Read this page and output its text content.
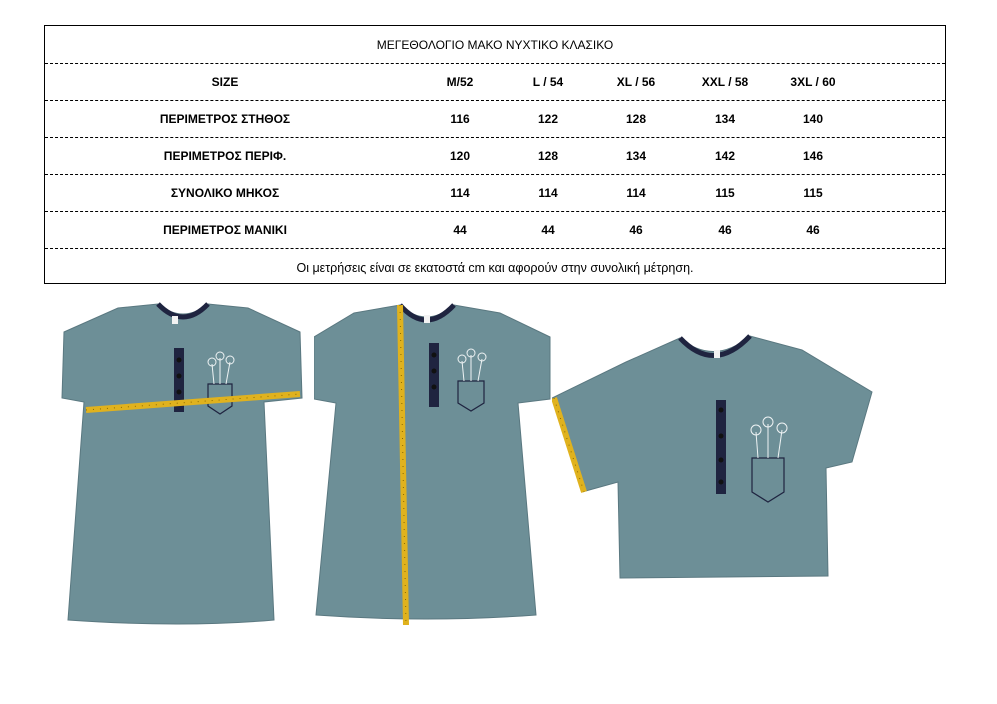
ΜΕΓΕΘΟΛΟΓΙΟ ΜΑΚΟ ΝΥΧΤΙΚΟ ΚΛΑΣΙΚΟ
SIZE	M/52	L / 54	XL / 56	XXL / 58	3XL / 60
ΠΕΡΙΜΕΤΡΟΣ ΣΤΗΘΟΣ	116	122	128	134	140
ΠΕΡΙΜΕΤΡΟΣ ΠΕΡΙΦ.	120	128	134	142	146
ΣΥΝΟΛΙΚΟ ΜΗΚΟΣ	114	114	114	115	115
ΠΕΡΙΜΕΤΡΟΣ ΜΑΝΙΚΙ	44	44	46	46	46
Οι μετρήσεις είναι σε εκατοστά cm και αφορούν στην συνολική μέτρηση.
